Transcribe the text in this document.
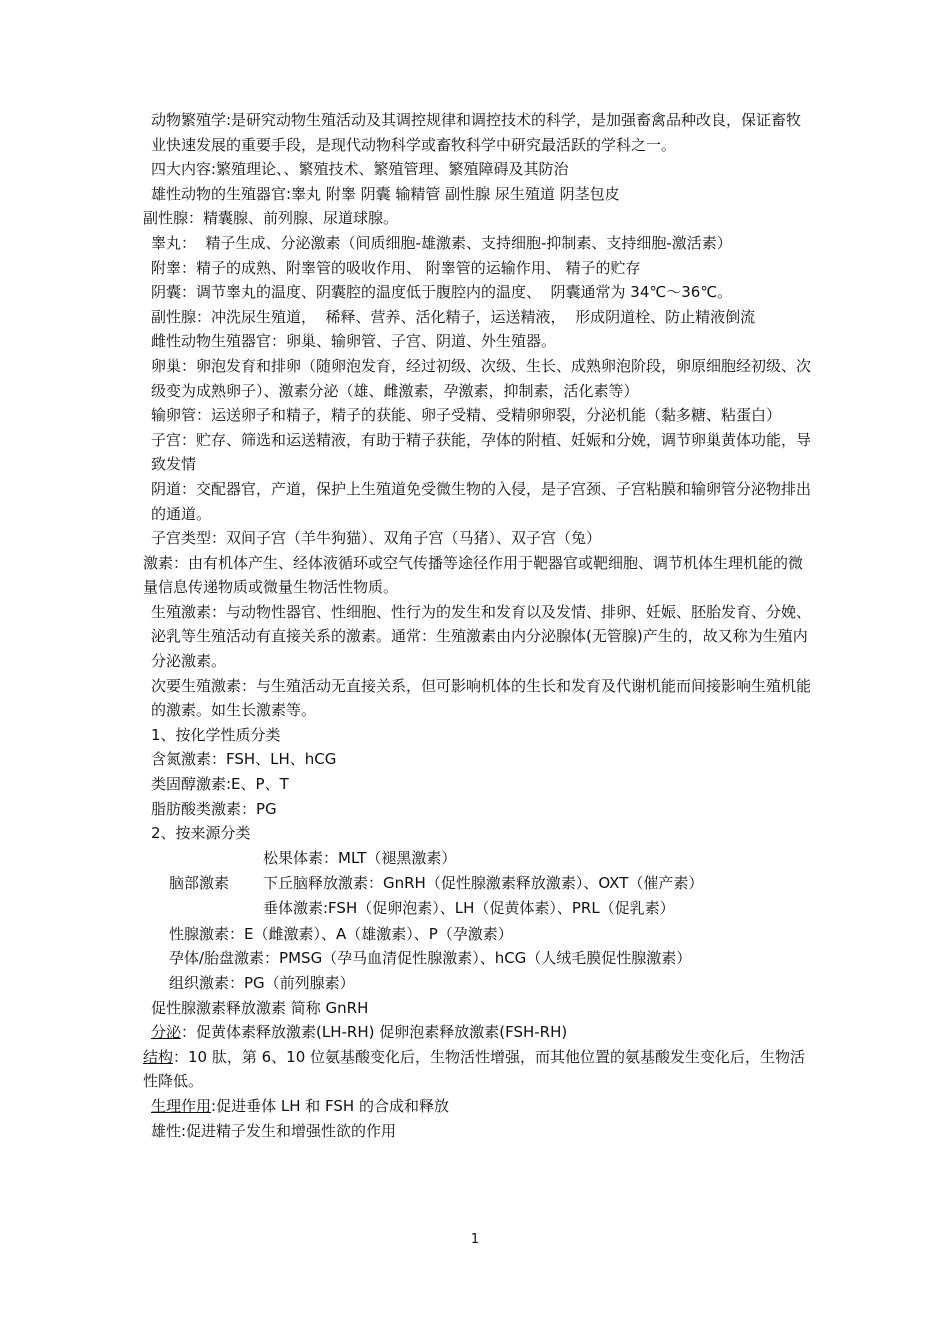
动物繁殖学:是研究动物生殖活动及其调控规律和调控技术的科学，是加强畜禽品种改良，保证畜牧业快速发展的重要手段，是现代动物科学或畜牧科学中研究最活跃的学科之一。

四大内容:繁殖理论、、繁殖技术、繁殖管理、繁殖障碍及其防治

雄性动物的生殖器官:睾丸 附睾 阴囊 输精管 副性腺 尿生殖道 阴茎包皮

副性腺：精囊腺、前列腺、尿道球腺。

睾丸：  精子生成、分泌激素（间质细胞-雄激素、支持细胞-抑制素、支持细胞-激活素）

附睾：精子的成熟、附睾管的吸收作用、 附睾管的运输作用、 精子的贮存

阴囊：调节睾丸的温度、阴囊腔的温度低于腹腔内的温度、  阴囊通常为 34℃～36℃。

副性腺：冲洗尿生殖道，  稀释、营养、活化精子，运送精液，  形成阴道栓、防止精液倒流

雌性动物生殖器官：卵巢、输卵管、子宫、阴道、外生殖器。

卵巢：卵泡发育和排卵（随卵泡发育，经过初级、次级、生长、成熟卵泡阶段，卵原细胞经初级、次级变为成熟卵子）、激素分泌（雄、雌激素，孕激素，抑制素，活化素等）

输卵管：运送卵子和精子，精子的获能、卵子受精、受精卵卵裂，分泌机能（黏多糖、粘蛋白）

子宫：贮存、筛选和运送精液，有助于精子获能，孕体的附植、妊娠和分娩，调节卵巢黄体功能，导致发情

阴道：交配器官，产道，保护上生殖道免受微生物的入侵，是子宫颈、子宫粘膜和输卵管分泌物排出的通道。

子宫类型：双间子宫（羊牛狗猫）、双角子宫（马猪）、双子宫（兔）

激素：由有机体产生、经体液循环或空气传播等途径作用于靶器官或靶细胞、调节机体生理机能的微量信息传递物质或微量生物活性物质。

生殖激素：与动物性器官、性细胞、性行为的发生和发育以及发情、排卵、妊娠、胚胎发育、分娩、泌乳等生殖活动有直接关系的激素。通常：生殖激素由内分泌腺体(无管腺)产生的，故又称为生殖内分泌激素。

次要生殖激素：与生殖活动无直接关系，但可影响机体的生长和发育及代谢机能而间接影响生殖机能的激素。如生长激素等。

1、按化学性质分类

含氮激素：FSH、LH、hCG

类固醇激素:E、P、T

脂肪酸类激素：PG

2、按来源分类

脑部激素
松果体素：MLT（褪黑激素）
下丘脑释放激素：GnRH（促性腺激素释放激素）、OXT（催产素）
垂体激素:FSH（促卵泡素）、LH（促黄体素）、PRL（促乳素）

性腺激素：E（雌激素）、A（雄激素）、P（孕激素）

孕体/胎盘激素：PMSG（孕马血清促性腺激素）、hCG（人绒毛膜促性腺激素）

组织激素：PG（前列腺素）

促性腺激素释放激素 简称 GnRH

分泌：促黄体素释放激素(LH-RH) 促卵泡素释放激素(FSH-RH)

结构：10 肽，第 6、10 位氨基酸变化后，生物活性增强，而其他位置的氨基酸发生变化后，生物活性降低。

生理作用:促进垂体 LH 和 FSH 的合成和释放

雄性:促进精子发生和增强性欲的作用

1
